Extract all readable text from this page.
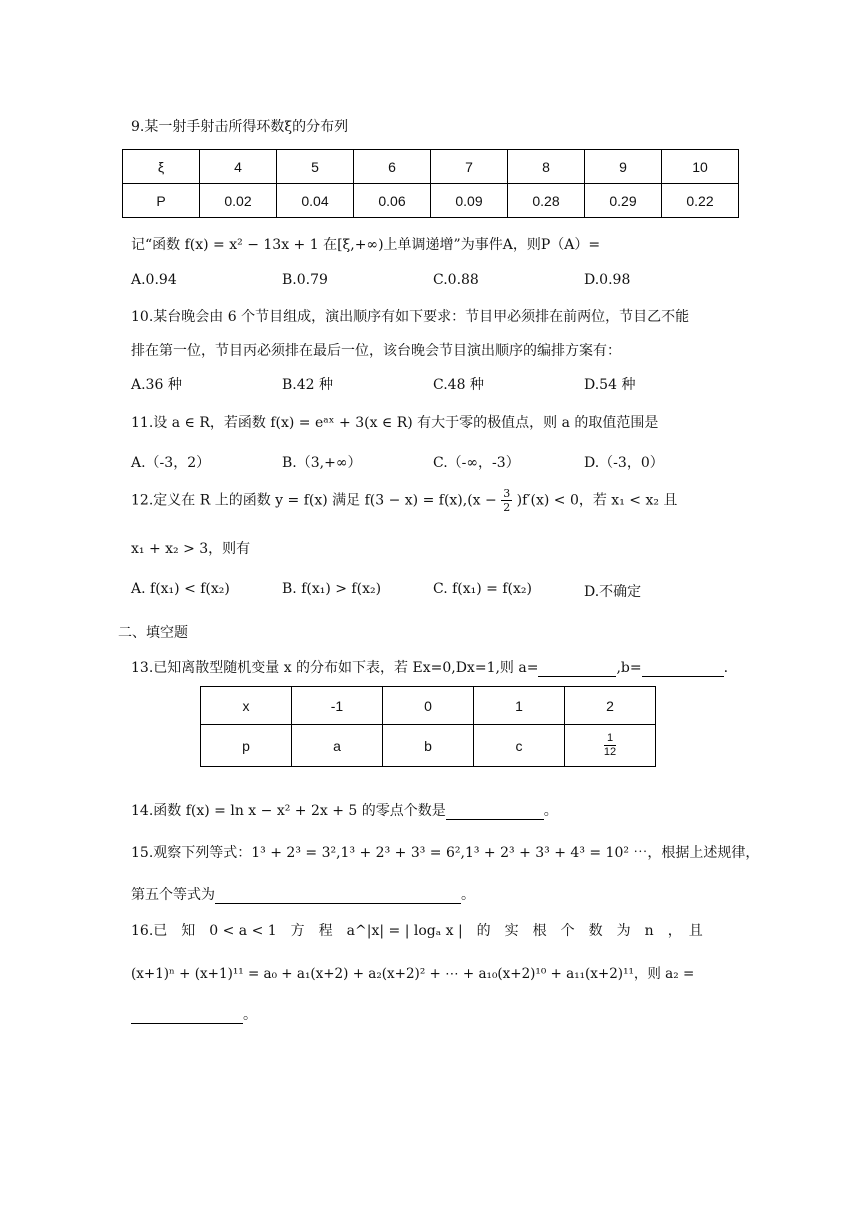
9.某一射手射击所得环数ξ的分布列
ξ	4	5	6	7	8	9	10
P	0.02	0.04	0.06	0.09	0.28	0.29	0.22
记“函数 f(x) = x² − 13x + 1 在[ξ,+∞)上单调递增”为事件A，则P（A）=
A.0.94	B.0.79	C.0.88	D.0.98
10.某台晚会由 6 个节目组成，演出顺序有如下要求：节目甲必须排在前两位，节目乙不能
排在第一位，节目丙必须排在最后一位，该台晚会节目演出顺序的编排方案有：
A.36 种	B.42 种	C.48 种	D.54 种
11.设 a ∈ R，若函数 f(x) = eᵃˣ + 3(x ∈ R) 有大于零的极值点，则 a 的取值范围是
A.（-3，2）	B.（3,+∞）	C.（-∞，-3）	D.（-3，0）
12.定义在 R 上的函数 y = f(x) 满足 $f(3 - x) = f(x),(x - \frac{3}{2} )f'(x) < 0$，若 x₁ < x₂ 且
x₁ + x₂ > 3，则有
A. f(x₁) < f(x₂)	B. f(x₁) > f(x₂)	C. f(x₁) = f(x₂)	D.不确定
二、填空题
13.已知离散型随机变量 x 的分布如下表，若 Ex=0,Dx=1,则 a=	,b=	.
x	-1	0	1	2
p	a	b	c	$\frac{1}{12}$
14.函数 f(x) = ln x − x² + 2x + 5 的零点个数是	。
15.观察下列等式：1³ + 2³ = 3²,1³ + 2³ + 3³ = 6²,1³ + 2³ + 3³ + 4³ = 10² ⋯，根据上述规律，
第五个等式为	。
16.已　知　0 < a < 1　方　程　a^|x| = | logₐ x |　的　实　根　个　数　为　n　，　且
(x+1)ⁿ + (x+1)¹¹ = a₀ + a₁(x+2) + a₂(x+2)² + ⋯ + a₁₀(x+2)¹⁰ + a₁₁(x+2)¹¹，则 a₂ =
。
